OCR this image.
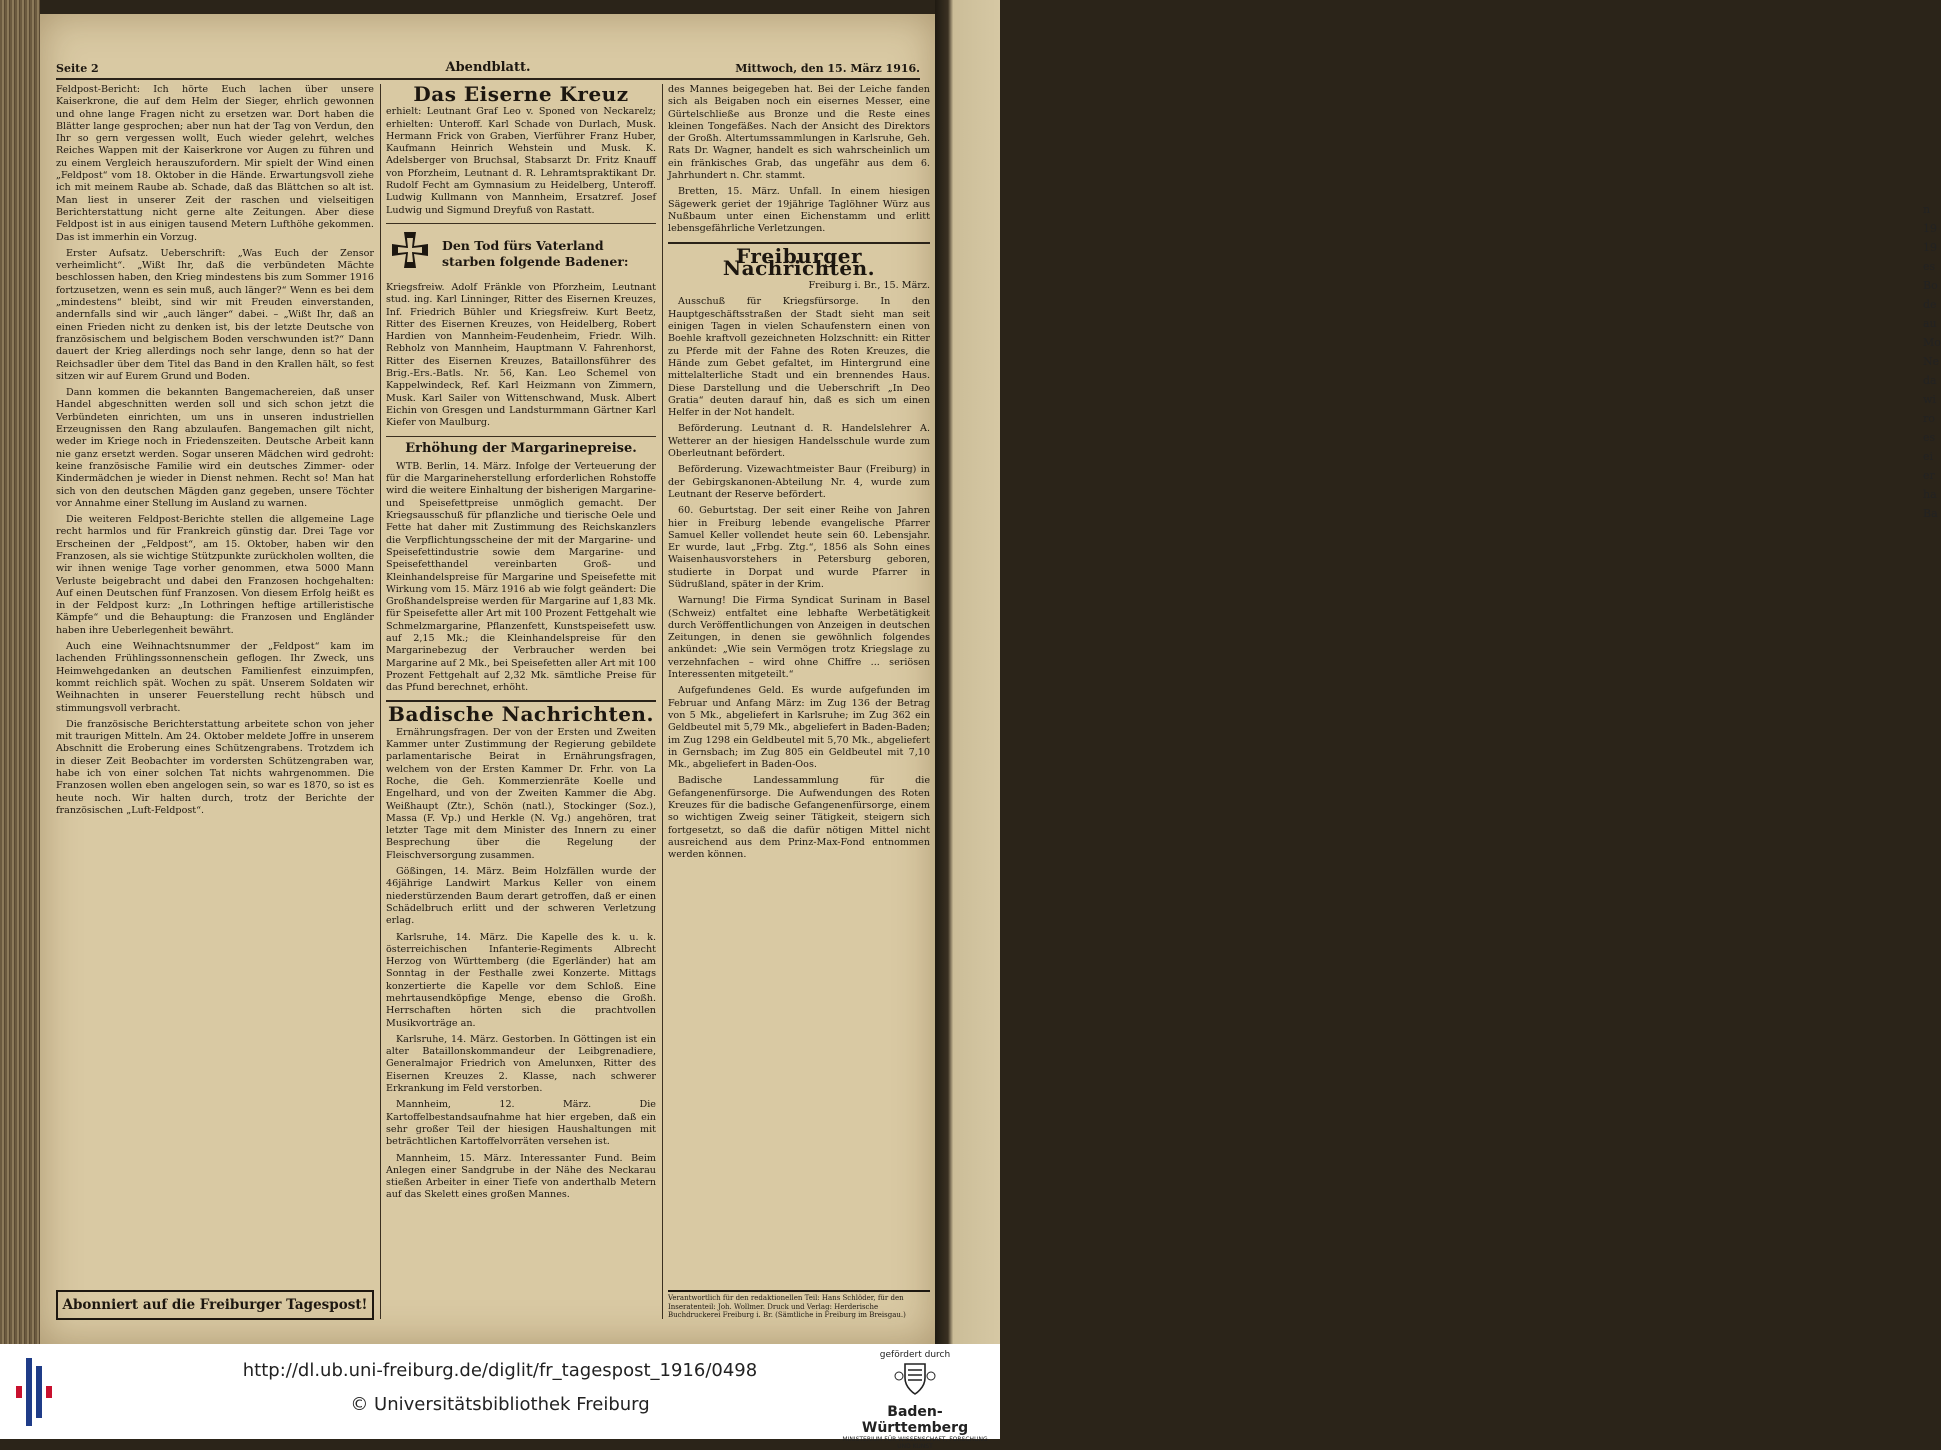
n
19
19
es
Bo
de
au
Mo
Ne
da
wi
ro
es
ei
er
ha
Ba
Seite 2	Abendblatt.	Mittwoch, den 15. März 1916.

Feldpost-Bericht: Ich hörte Euch lachen über unsere Kaiserkrone, die auf dem Helm der Sieger, ehrlich gewonnen und ohne lange Fragen nicht zu ersetzen war. Dort haben die Blätter lange gesprochen; aber nun hat der Tag von Verdun, den Ihr so gern vergessen wollt, Euch wieder gelehrt, welches Reiches Wappen mit der Kaiserkrone vor Augen zu führen und zu einem Vergleich herauszufordern. Mir spielt der Wind einen „Feldpost“ vom 18. Oktober in die Hände. Erwartungsvoll ziehe ich mit meinem Raube ab. Schade, daß das Blättchen so alt ist. Man liest in unserer Zeit der raschen und vielseitigen Berichterstattung nicht gerne alte Zeitungen. Aber diese Feldpost ist in aus einigen tausend Metern Lufthöhe gekommen. Das ist immerhin ein Vorzug.

Erster Aufsatz. Ueberschrift: „Was Euch der Zensor verheimlicht“. „Wißt Ihr, daß die verbündeten Mächte beschlossen haben, den Krieg mindestens bis zum Sommer 1916 fortzusetzen, wenn es sein muß, auch länger?“ Wenn es bei dem „mindestens“ bleibt, sind wir mit Freuden einverstanden, andernfalls sind wir „auch länger“ dabei. – „Wißt Ihr, daß an einen Frieden nicht zu denken ist, bis der letzte Deutsche von französischem und belgischem Boden verschwunden ist?“ Dann dauert der Krieg allerdings noch sehr lange, denn so hat der Reichsadler über dem Titel das Band in den Krallen hält, so fest sitzen wir auf Eurem Grund und Boden.

Dann kommen die bekannten Bangemachereien, daß unser Handel abgeschnitten werden soll und sich schon jetzt die Verbündeten einrichten, um uns in unseren industriellen Erzeugnissen den Rang abzulaufen. Bangemachen gilt nicht, weder im Kriege noch in Friedenszeiten. Deutsche Arbeit kann nie ganz ersetzt werden. Sogar unseren Mädchen wird gedroht: keine französische Familie wird ein deutsches Zimmer- oder Kindermädchen je wieder in Dienst nehmen. Recht so! Man hat sich von den deutschen Mägden ganz gegeben, unsere Töchter vor Annahme einer Stellung im Ausland zu warnen.

Die weiteren Feldpost-Berichte stellen die allgemeine Lage recht harmlos und für Frankreich günstig dar. Drei Tage vor Erscheinen der „Feldpost“, am 15. Oktober, haben wir den Franzosen, als sie wichtige Stützpunkte zurückholen wollten, die wir ihnen wenige Tage vorher genommen, etwa 5000 Mann Verluste beigebracht und dabei den Franzosen hochgehalten: Auf einen Deutschen fünf Franzosen. Von diesem Erfolg heißt es in der Feldpost kurz: „In Lothringen heftige artilleristische Kämpfe“ und die Behauptung: die Franzosen und Engländer haben ihre Ueberlegenheit bewährt.

Auch eine Weihnachtsnummer der „Feldpost“ kam im lachenden Frühlingssonnenschein geflogen. Ihr Zweck, uns Heimwehgedanken an deutschen Familienfest einzuimpfen, kommt reichlich spät. Wochen zu spät. Unserem Soldaten wir Weihnachten in unserer Feuerstellung recht hübsch und stimmungsvoll verbracht.

Die französische Berichterstattung arbeitete schon von jeher mit traurigen Mitteln. Am 24. Oktober meldete Joffre in unserem Abschnitt die Eroberung eines Schützengrabens. Trotzdem ich in dieser Zeit Beobachter im vordersten Schützengraben war, habe ich von einer solchen Tat nichts wahrgenommen. Die Franzosen wollen eben angelogen sein, so war es 1870, so ist es heute noch. Wir halten durch, trotz der Berichte der französischen „Luft-Feldpost“.

Abonniert auf die Freiburger Tagespost!
Das Eiserne Kreuz

erhielt: Leutnant Graf Leo v. Sponed von Neckarelz; erhielten: Unteroff. Karl Schade von Durlach, Musk. Hermann Frick von Graben, Vierführer Franz Huber, Kaufmann Heinrich Wehstein und Musk. K. Adelsberger von Bruchsal, Stabsarzt Dr. Fritz Knauff von Pforzheim, Leutnant d. R. Lehramtspraktikant Dr. Rudolf Fecht am Gymnasium zu Heidelberg, Unteroff. Ludwig Kullmann von Mannheim, Ersatzref. Josef Ludwig und Sigmund Dreyfuß von Rastatt.

Den Tod fürs Vaterland starben folgende Badener:

Kriegsfreiw. Adolf Fränkle von Pforzheim, Leutnant stud. ing. Karl Linninger, Ritter des Eisernen Kreuzes, Inf. Friedrich Bühler und Kriegsfreiw. Kurt Beetz, Ritter des Eisernen Kreuzes, von Heidelberg, Robert Hardien von Mannheim-Feudenheim, Friedr. Wilh. Rebholz von Mannheim, Hauptmann V. Fahrenhorst, Ritter des Eisernen Kreuzes, Bataillonsführer des Brig.-Ers.-Batls. Nr. 56, Kan. Leo Schemel von Kappelwindeck, Ref. Karl Heizmann von Zimmern, Musk. Karl Sailer von Wittenschwand, Musk. Albert Eichin von Gresgen und Landsturmmann Gärtner Karl Kiefer von Maulburg.

Erhöhung der Margarinepreise.

WTB. Berlin, 14. März. Infolge der Verteuerung der für die Margarineherstellung erforderlichen Rohstoffe wird die weitere Einhaltung der bisherigen Margarine- und Speisefettpreise unmöglich gemacht. Der Kriegsausschuß für pflanzliche und tierische Oele und Fette hat daher mit Zustimmung des Reichskanzlers die Verpflichtungsscheine der mit der Margarine- und Speisefettindustrie sowie dem Margarine- und Speisefetthandel vereinbarten Groß- und Kleinhandelspreise für Margarine und Speisefette mit Wirkung vom 15. März 1916 ab wie folgt geändert: Die Großhandelspreise werden für Margarine auf 1,83 Mk. für Speisefette aller Art mit 100 Prozent Fettgehalt wie Schmelzmargarine, Pflanzenfett, Kunstspeisefett usw. auf 2,15 Mk.; die Kleinhandelspreise für den Margarinebezug der Verbraucher werden bei Margarine auf 2 Mk., bei Speisefetten aller Art mit 100 Prozent Fettgehalt auf 2,32 Mk. sämtliche Preise für das Pfund berechnet, erhöht.

Badische Nachrichten.

Ernährungsfragen. Der von der Ersten und Zweiten Kammer unter Zustimmung der Regierung gebildete parlamentarische Beirat in Ernährungsfragen, welchem von der Ersten Kammer Dr. Frhr. von La Roche, die Geh. Kommerzienräte Koelle und Engelhard, und von der Zweiten Kammer die Abg. Weißhaupt (Ztr.), Schön (natl.), Stockinger (Soz.), Massa (F. Vp.) und Herkle (N. Vg.) angehören, trat letzter Tage mit dem Minister des Innern zu einer Besprechung über die Regelung der Fleischversorgung zusammen.

Gößingen, 14. März. Beim Holzfällen wurde der 46jährige Landwirt Markus Keller von einem niederstürzenden Baum derart getroffen, daß er einen Schädelbruch erlitt und der schweren Verletzung erlag.

Karlsruhe, 14. März. Die Kapelle des k. u. k. österreichischen Infanterie-Regiments Albrecht Herzog von Württemberg (die Egerländer) hat am Sonntag in der Festhalle zwei Konzerte. Mittags konzertierte die Kapelle vor dem Schloß. Eine mehrtausendköpfige Menge, ebenso die Großh. Herrschaften hörten sich die prachtvollen Musikvorträge an.

Karlsruhe, 14. März. Gestorben. In Göttingen ist ein alter Bataillonskommandeur der Leibgrenadiere, Generalmajor Friedrich von Amelunxen, Ritter des Eisernen Kreuzes 2. Klasse, nach schwerer Erkrankung im Feld verstorben.

Mannheim, 12. März. Die Kartoffelbestandsaufnahme hat hier ergeben, daß ein sehr großer Teil der hiesigen Haushaltungen mit beträchtlichen Kartoffelvorräten versehen ist.

Mannheim, 15. März. Interessanter Fund. Beim Anlegen einer Sandgrube in der Nähe des Neckarau stießen Arbeiter in einer Tiefe von anderthalb Metern auf das Skelett eines großen Mannes.

des Mannes beigegeben hat. Bei der Leiche fanden sich als Beigaben noch ein eisernes Messer, eine Gürtelschließe aus Bronze und die Reste eines kleinen Tongefäßes. Nach der Ansicht des Direktors der Großh. Altertumssammlungen in Karlsruhe, Geh. Rats Dr. Wagner, handelt es sich wahrscheinlich um ein fränkisches Grab, das ungefähr aus dem 6. Jahrhundert n. Chr. stammt.

Bretten, 15. März. Unfall. In einem hiesigen Sägewerk geriet der 19jährige Taglöhner Würz aus Nußbaum unter einen Eichenstamm und erlitt lebensgefährliche Verletzungen.

Freiburger Nachrichten.

Freiburg i. Br., 15. März.

Ausschuß für Kriegsfürsorge. In den Hauptgeschäftsstraßen der Stadt sieht man seit einigen Tagen in vielen Schaufenstern einen von Boehle kraftvoll gezeichneten Holzschnitt: ein Ritter zu Pferde mit der Fahne des Roten Kreuzes, die Hände zum Gebet gefaltet, im Hintergrund eine mittelalterliche Stadt und ein brennendes Haus. Diese Darstellung und die Ueberschrift „In Deo Gratia“ deuten darauf hin, daß es sich um einen Helfer in der Not handelt.

Beförderung. Leutnant d. R. Handelslehrer A. Wetterer an der hiesigen Handelsschule wurde zum Oberleutnant befördert.

Beförderung. Vizewachtmeister Baur (Freiburg) in der Gebirgskanonen-Abteilung Nr. 4, wurde zum Leutnant der Reserve befördert.

60. Geburtstag. Der seit einer Reihe von Jahren hier in Freiburg lebende evangelische Pfarrer Samuel Keller vollendet heute sein 60. Lebensjahr. Er wurde, laut „Frbg. Ztg.“, 1856 als Sohn eines Waisenhausvorstehers in Petersburg geboren, studierte in Dorpat und wurde Pfarrer in Südrußland, später in der Krim.

Warnung! Die Firma Syndicat Surinam in Basel (Schweiz) entfaltet eine lebhafte Werbetätigkeit durch Veröffentlichungen von Anzeigen in deutschen Zeitungen, in denen sie gewöhnlich folgendes ankündet: „Wie sein Vermögen trotz Kriegslage zu verzehnfachen – wird ohne Chiffre ... seriösen Interessenten mitgeteilt.“

Aufgefundenes Geld. Es wurde aufgefunden im Februar und Anfang März: im Zug 136 der Betrag von 5 Mk., abgeliefert in Karlsruhe; im Zug 362 ein Geldbeutel mit 5,79 Mk., abgeliefert in Baden-Baden; im Zug 1298 ein Geldbeutel mit 5,70 Mk., abgeliefert in Gernsbach; im Zug 805 ein Geldbeutel mit 7,10 Mk., abgeliefert in Baden-Oos.

Badische Landessammlung für die Gefangenenfürsorge. Die Aufwendungen des Roten Kreuzes für die badische Gefangenenfürsorge, einem so wichtigen Zweig seiner Tätigkeit, steigern sich fortgesetzt, so daß die dafür nötigen Mittel nicht ausreichend aus dem Prinz-Max-Fond entnommen werden können.

Verantwortlich für den redaktionellen Teil: Hans Schlöder, für den Inseratenteil: Joh. Wollmer. Druck und Verlag: Herderische Buchdruckerei Freiburg i. Br. (Sämtliche in Freiburg im Breisgau.)
http://dl.ub.uni-freiburg.de/diglit/fr_tagespost_1916/0498
© Universitätsbibliothek Freiburg
gefördert durch
Baden-Württemberg
MINISTERIUM FÜR WISSENSCHAFT, FORSCHUNG UND KUNST
